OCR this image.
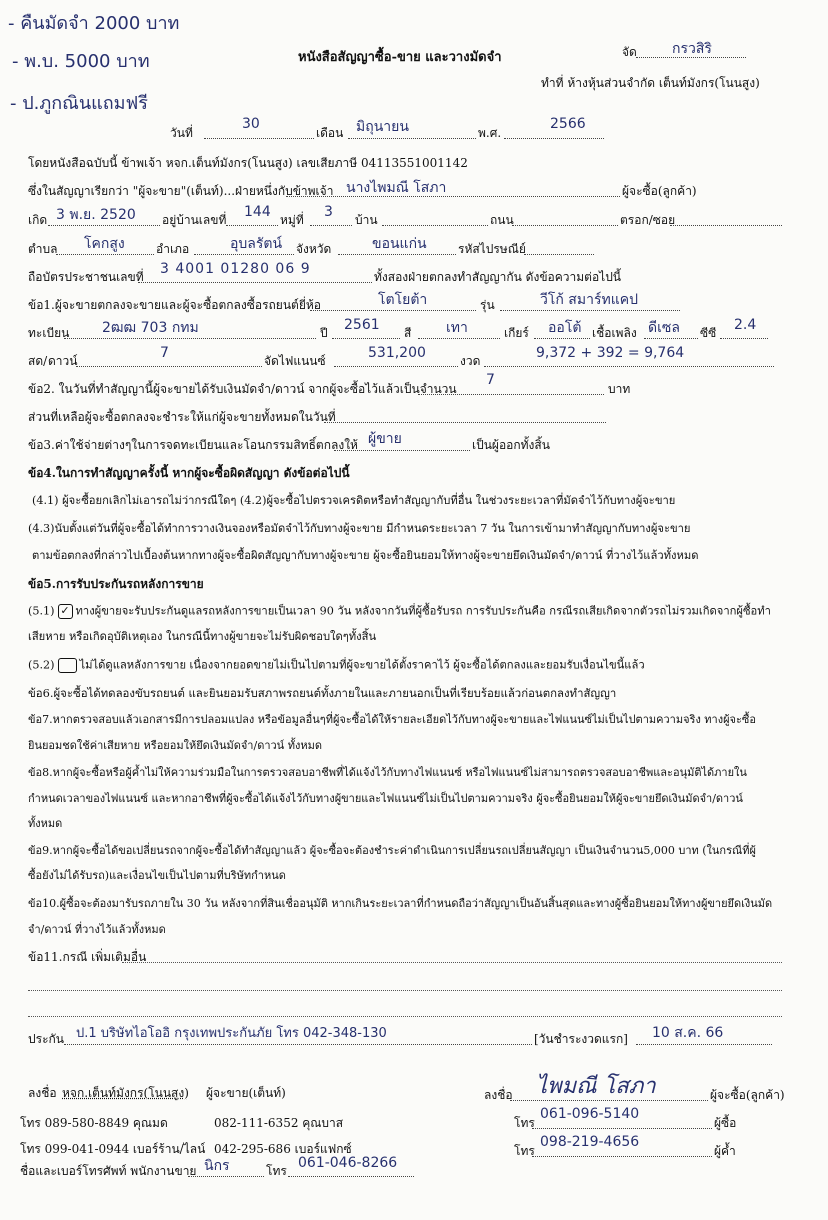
- คืนมัดจำ 2000 บาท
- พ.บ. 5000 บาท
- ป.ภูกณินแถมฟรี
หนังสือสัญญาซื้อ-ขาย และวางมัดจำ	จัด	กรวสิริ
ทำที่ ห้างหุ้นส่วนจำกัด เต็นท์มังกร(โนนสูง)
วันที่
30
เดือน มิถุนายน	พ.ศ.
2566
โดยหนังสือฉบับนี้ ข้าพเจ้า หจก.เต็นท์มังกร(โนนสูง) เลขเสียภาษี 04113551001142
ซึ่งในสัญญาเรียกว่า "ผู้จะขาย"(เต็นท์)...ฝ่ายหนึ่งกับข้าพเจ้า นางไพมณี โสภา	ผู้จะซื้อ(ลูกค้า)
เกิด 3 พ.ย. 2520 อยู่บ้านเลขที่ 144 หมู่ที่ 3 บ้าน	ถนน	ตรอก/ซอย
ตำบล โคกสูง	อำเภอ	อุบลรัตน์ จังหวัด	ขอนแก่น	รหัสไปรษณีย์
ถือบัตรประชาชนเลขที่ 3 4001 01280 06 9	ทั้งสองฝ่ายตกลงทำสัญญากัน ดังข้อความต่อไปนี้
ข้อ1.ผู้จะขายตกลงจะขายและผู้จะซื้อตกลงซื้อรถยนต์ยี่ห้อ	โตโยต้า	รุ่น	วีโก้ สมาร์ทแคป
ทะเบียน 2ฒฒ 703 กทม	ปี 2561 สี เทา	เกียร์ ออโต้ เชื้อเพลิง ดีเซล ซีซี 2.4
สด/ ดาวน์	7	จัดไฟแนนซ์	531,200	งวด	9,372 + 392 = 9,764
ข้อ2. ในวันที่ทำสัญญานี้ผู้จะขายได้รับเงินมัดจำ/ดาวน์ จากผู้จะซื้อไว้แล้วเป็นจำนวน
7
บาท
ส่วนที่เหลือผู้จะซื้อตกลงจะชำระให้แก่ผู้จะขายทั้งหมดในวันที่
ข้อ3.ค่าใช้จ่ายต่างๆในการจดทะเบียนและโอนกรรมสิทธิ์ตกลงให้ ผู้ขาย	เป็นผู้ออกทั้งสิ้น
ข้อ4.ในการทำสัญญาครั้งนี้ หากผู้จะซื้อผิดสัญญา ดังข้อต่อไปนี้
(4.1) ผู้จะซื้อยกเลิกไม่เอารถไม่ว่ากรณีใดๆ (4.2)ผู้จะซื้อไปตรวจเครดิตหรือทำสัญญากับที่อื่น ในช่วงระยะเวลาที่มัดจำไว้กับทางผู้จะขาย
(4.3)นับตั้งแต่วันที่ผู้จะซื้อได้ทำการวางเงินจองหรือมัดจำไว้กับทางผู้จะขาย มีกำหนดระยะเวลา 7 วัน ในการเข้ามาทำสัญญากับทางผู้จะขาย
ตามข้อตกลงที่กล่าวไปเบื้องต้นหากทางผู้จะซื้อผิดสัญญากับทางผู้จะขาย ผู้จะซื้อยินยอมให้ทางผู้จะขายยึดเงินมัดจำ/ดาวน์ ที่วางไว้แล้วทั้งหมด
ข้อ5.การรับประกันรถหลังการขาย
(5.1) ✓ ทางผู้ขายจะรับประกันดูแลรถหลังการขายเป็นเวลา 90 วัน หลังจากวันที่ผู้ซื้อรับรถ การรับประกันคือ กรณีรถเสียเกิดจากตัวรถไม่รวมเกิดจากผู้ซื้อทำ
เสียหาย หรือเกิดอุบัติเหตุเอง ในกรณีนี้ทางผู้ขายจะไม่รับผิดชอบใดๆทั้งสิ้น
(5.2) ไม่ได้ดูแลหลังการขาย เนื่องจากยอดขายไม่เป็นไปตามที่ผู้จะขายได้ตั้งราคาไว้ ผู้จะซื้อได้ตกลงและยอมรับเงื่อนไขนี้แล้ว
ข้อ6.ผู้จะซื้อได้ทดลองขับรถยนต์ และยินยอมรับสภาพรถยนต์ทั้งภายในและภายนอกเป็นที่เรียบร้อยแล้วก่อนตกลงทำสัญญา
ข้อ7.หากตรวจสอบแล้วเอกสารมีการปลอมแปลง หรือข้อมูลอื่นๆที่ผู้จะซื้อได้ให้รายละเอียดไว้กับทางผู้จะขายและไฟแนนซ์ไม่เป็นไปตามความจริง ทางผู้จะซื้อ
ยินยอมชดใช้ค่าเสียหาย หรือยอมให้ยึดเงินมัดจำ/ดาวน์ ทั้งหมด
ข้อ8.หากผู้จะซื้อหรือผู้ค้ำไม่ให้ความร่วมมือในการตรวจสอบอาชีพที่ได้แจ้งไว้กับทางไฟแนนซ์ หรือไฟแนนซ์ไม่สามารถตรวจสอบอาชีพและอนุมัติได้ภายใน
กำหนดเวลาของไฟแนนซ์ และหากอาชีพที่ผู้จะซื้อได้แจ้งไว้กับทางผู้ขายและไฟแนนซ์ไม่เป็นไปตามความจริง ผู้จะซื้อยินยอมให้ผู้จะขายยึดเงินมัดจำ/ดาวน์
ทั้งหมด
ข้อ9.หากผู้จะซื้อได้ขอเปลี่ยนรถจากผู้จะซื้อได้ทำสัญญาแล้ว ผู้จะซื้อจะต้องชำระค่าดำเนินการเปลี่ยนรถเปลี่ยนสัญญา เป็นเงินจำนวน5,000 บาท (ในกรณีที่ผู้
ซื้อยังไม่ได้รับรถ)และเงื่อนไขเป็นไปตามที่บริษัทกำหนด
ข้อ10.ผู้ซื้อจะต้องมารับรถภายใน 30 วัน หลังจากที่สินเชื่ออนุมัติ หากเกินระยะเวลาที่กำหนดถือว่าสัญญาเป็นอันสิ้นสุดและทางผู้ซื้อยินยอมให้ทางผู้ขายยึดเงินมัด
จำ/ดาวน์ ที่วางไว้แล้วทั้งหมด
ข้อ11.กรณี เพิ่มเติมอื่น
ประกัน ป.1 บริษัทไอโออิ กรุงเทพประกันภัย โทร 042-348-130	[วันชำระงวดแรก] 10 ส.ค. 66
ลงชื่อ หจก.เต็นท์มังกร(โนนสูง) ผู้จะขาย(เต็นท์)	ลงชื่อ ไพมณี โสภา	ผู้จะซื้อ(ลูกค้า)
โทร 089-580-8849 คุณมด	082-111-6352 คุณบาส
โทร 099-041-0944 เบอร์ร้าน/ไลน์ 042-295-686 เบอร์แฟกซ์
ชื่อและเบอร์โทรศัพท์ พนักงานขาย นิกร	โทร 061-046-8266
โทร
061-096-5140
ผู้ซื้อ
โทร
098-219-4656
ผู้ค้ำ
